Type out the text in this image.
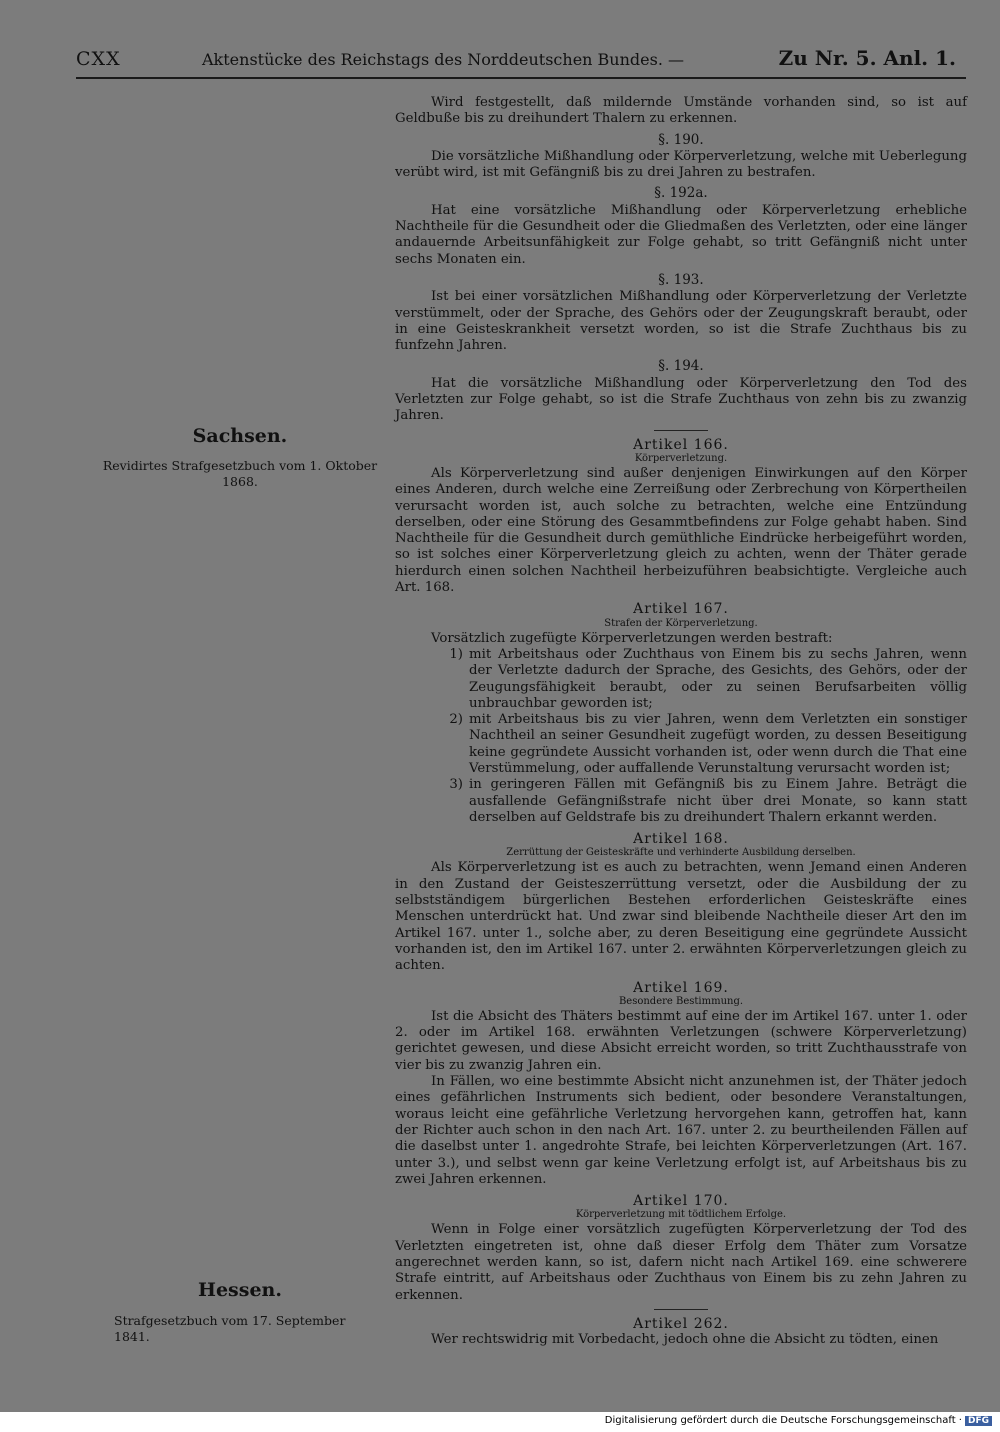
CXX	Aktenstücke des Reichstags des Norddeutschen Bundes. —	Zu Nr. 5. Anl. 1.
Sachsen.
Revidirtes Strafgesetzbuch vom 1. Oktober 1868.
Hessen.
Strafgesetzbuch vom 17. September 1841.

Wird festgestellt, daß mildernde Umstände vorhanden sind, so ist auf Geldbuße bis zu dreihundert Thalern zu erkennen.

§. 190.

Die vorsätzliche Mißhandlung oder Körperverletzung, welche mit Ueberlegung verübt wird, ist mit Gefängniß bis zu drei Jahren zu bestrafen.

§. 192a.

Hat eine vorsätzliche Mißhandlung oder Körperverletzung erhebliche Nachtheile für die Gesundheit oder die Gliedmaßen des Verletzten, oder eine länger andauernde Arbeitsunfähigkeit zur Folge gehabt, so tritt Gefängniß nicht unter sechs Monaten ein.

§. 193.

Ist bei einer vorsätzlichen Mißhandlung oder Körperverletzung der Verletzte verstümmelt, oder der Sprache, des Gehörs oder der Zeugungskraft beraubt, oder in eine Geisteskrankheit versetzt worden, so ist die Strafe Zuchthaus bis zu funfzehn Jahren.

§. 194.

Hat die vorsätzliche Mißhandlung oder Körperverletzung den Tod des Verletzten zur Folge gehabt, so ist die Strafe Zuchthaus von zehn bis zu zwanzig Jahren.

Artikel 166.
Körperverletzung.

Als Körperverletzung sind außer denjenigen Einwirkungen auf den Körper eines Anderen, durch welche eine Zerreißung oder Zerbrechung von Körpertheilen verursacht worden ist, auch solche zu betrachten, welche eine Entzündung derselben, oder eine Störung des Gesammtbefindens zur Folge gehabt haben. Sind Nachtheile für die Gesundheit durch gemüthliche Eindrücke herbeigeführt worden, so ist solches einer Körperverletzung gleich zu achten, wenn der Thäter gerade hierdurch einen solchen Nachtheil herbeizuführen beabsichtigte. Vergleiche auch Art. 168.

Artikel 167.
Strafen der Körperverletzung.

Vorsätzlich zugefügte Körperverletzungen werden bestraft:

1) mit Arbeitshaus oder Zuchthaus von Einem bis zu sechs Jahren, wenn der Verletzte dadurch der Sprache, des Gesichts, des Gehörs, oder der Zeugungsfähigkeit beraubt, oder zu seinen Berufsarbeiten völlig unbrauchbar geworden ist;
2) mit Arbeitshaus bis zu vier Jahren, wenn dem Verletzten ein sonstiger Nachtheil an seiner Gesundheit zugefügt worden, zu dessen Beseitigung keine gegründete Aussicht vorhanden ist, oder wenn durch die That eine Verstümmelung, oder auffallende Verunstaltung verursacht worden ist;
3) in geringeren Fällen mit Gefängniß bis zu Einem Jahre. Beträgt die ausfallende Gefängnißstrafe nicht über drei Monate, so kann statt derselben auf Geldstrafe bis zu dreihundert Thalern erkannt werden.
Artikel 168.
Zerrüttung der Geisteskräfte und verhinderte Ausbildung derselben.

Als Körperverletzung ist es auch zu betrachten, wenn Jemand einen Anderen in den Zustand der Geisteszerrüttung versetzt, oder die Ausbildung der zu selbstständigem bürgerlichen Bestehen erforderlichen Geisteskräfte eines Menschen unterdrückt hat. Und zwar sind bleibende Nachtheile dieser Art den im Artikel 167. unter 1., solche aber, zu deren Beseitigung eine gegründete Aussicht vorhanden ist, den im Artikel 167. unter 2. erwähnten Körperverletzungen gleich zu achten.

Artikel 169.
Besondere Bestimmung.

Ist die Absicht des Thäters bestimmt auf eine der im Artikel 167. unter 1. oder 2. oder im Artikel 168. erwähnten Verletzungen (schwere Körperverletzung) gerichtet gewesen, und diese Absicht erreicht worden, so tritt Zuchthausstrafe von vier bis zu zwanzig Jahren ein.

In Fällen, wo eine bestimmte Absicht nicht anzunehmen ist, der Thäter jedoch eines gefährlichen Instruments sich bedient, oder besondere Veranstaltungen, woraus leicht eine gefährliche Verletzung hervorgehen kann, getroffen hat, kann der Richter auch schon in den nach Art. 167. unter 2. zu beurtheilenden Fällen auf die daselbst unter 1. angedrohte Strafe, bei leichten Körperverletzungen (Art. 167. unter 3.), und selbst wenn gar keine Verletzung erfolgt ist, auf Arbeitshaus bis zu zwei Jahren erkennen.

Artikel 170.
Körperverletzung mit tödtlichem Erfolge.

Wenn in Folge einer vorsätzlich zugefügten Körperverletzung der Tod des Verletzten eingetreten ist, ohne daß dieser Erfolg dem Thäter zum Vorsatze angerechnet werden kann, so ist, dafern nicht nach Artikel 169. eine schwerere Strafe eintritt, auf Arbeitshaus oder Zuchthaus von Einem bis zu zehn Jahren zu erkennen.

Artikel 262.

Wer rechtswidrig mit Vorbedacht, jedoch ohne die Absicht zu tödten, einen

Digitalisierung gefördert durch die Deutsche Forschungsgemeinschaft · DFG
